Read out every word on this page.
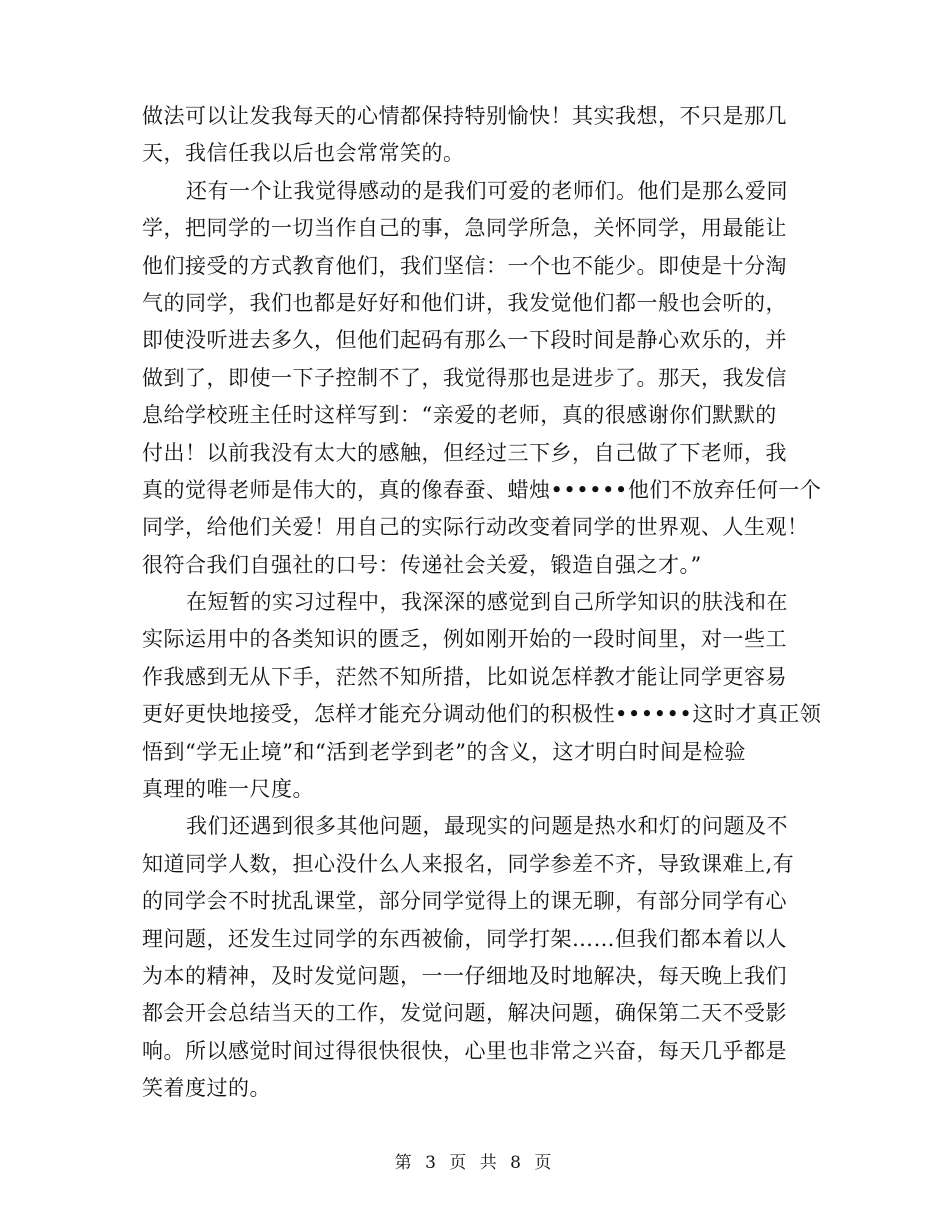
做法可以让发我每天的心情都保持特别愉快！其实我想，不只是那几
天，我信任我以后也会常常笑的。
还有一个让我觉得感动的是我们可爱的老师们。他们是那么爱同
学，把同学的一切当作自己的事，急同学所急，关怀同学，用最能让
他们接受的方式教育他们，我们坚信：一个也不能少。即使是十分淘
气的同学，我们也都是好好和他们讲，我发觉他们都一般也会听的，
即使没听进去多久，但他们起码有那么一下段时间是静心欢乐的，并
做到了，即使一下子控制不了，我觉得那也是进步了。那天，我发信
息给学校班主任时这样写到：“亲爱的老师，真的很感谢你们默默的
付出！以前我没有太大的感触，但经过三下乡，自己做了下老师，我
真的觉得老师是伟大的，真的像春蚕、蜡烛••••••他们不放弃任何一个
同学，给他们关爱！用自己的实际行动改变着同学的世界观、人生观！
很符合我们自强社的口号：传递社会关爱，锻造自强之才。”
在短暂的实习过程中，我深深的感觉到自己所学知识的肤浅和在
实际运用中的各类知识的匮乏，例如刚开始的一段时间里，对一些工
作我感到无从下手，茫然不知所措，比如说怎样教才能让同学更容易
更好更快地接受，怎样才能充分调动他们的积极性••••••这时才真正领
悟到“学无止境”和“活到老学到老”的含义，这才明白时间是检验
真理的唯一尺度。
我们还遇到很多其他问题，最现实的问题是热水和灯的问题及不
知道同学人数，担心没什么人来报名，同学参差不齐，导致课难上,有
的同学会不时扰乱课堂，部分同学觉得上的课无聊，有部分同学有心
理问题，还发生过同学的东西被偷，同学打架……但我们都本着以人
为本的精神，及时发觉问题，一一仔细地及时地解决，每天晚上我们
都会开会总结当天的工作，发觉问题，解决问题，确保第二天不受影
响。所以感觉时间过得很快很快，心里也非常之兴奋，每天几乎都是
笑着度过的。
第 3 页 共 8 页
